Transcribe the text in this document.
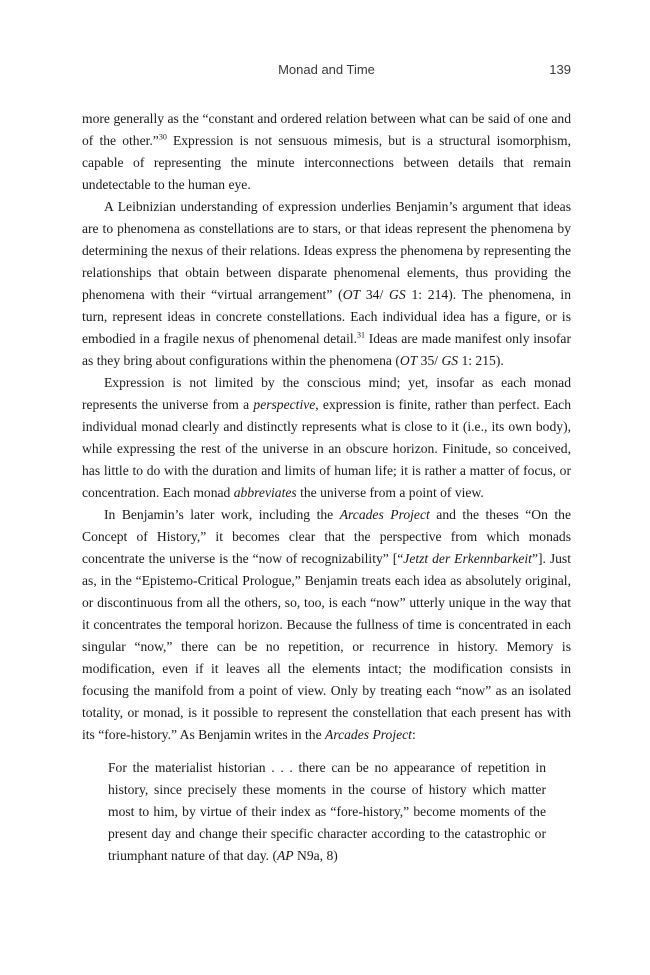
Monad and Time	139

more generally as the “constant and ordered relation between what can be said of one and of the other.”$^{30}$ Expression is not sensuous mimesis, but is a structural isomorphism, capable of representing the minute interconnections between details that remain undetectable to the human eye.

A Leibnizian understanding of expression underlies Benjamin’s argument that ideas are to phenomena as constellations are to stars, or that ideas represent the phenomena by determining the nexus of their relations. Ideas express the phenomena by representing the relationships that obtain between disparate phenomenal elements, thus providing the phenomena with their “virtual arrangement” (OT 34/ GS 1: 214). The phenomena, in turn, represent ideas in concrete constellations. Each individual idea has a figure, or is embodied in a fragile nexus of phenomenal detail.$^{31}$ Ideas are made manifest only insofar as they bring about configurations within the phenomena (OT 35/ GS 1: 215).

Expression is not limited by the conscious mind; yet, insofar as each monad represents the universe from a perspective, expression is finite, rather than perfect. Each individual monad clearly and distinctly represents what is close to it (i.e., its own body), while expressing the rest of the universe in an obscure horizon. Finitude, so conceived, has little to do with the duration and limits of human life; it is rather a matter of focus, or concentration. Each monad abbreviates the universe from a point of view.

In Benjamin’s later work, including the Arcades Project and the theses “On the Concept of History,” it becomes clear that the perspective from which monads concentrate the universe is the “now of recognizability” [“Jetzt der Erkennbarkeit”]. Just as, in the “Epistemo-Critical Prologue,” Benjamin treats each idea as absolutely original, or discontinuous from all the others, so, too, is each “now” utterly unique in the way that it concentrates the temporal horizon. Because the fullness of time is concentrated in each singular “now,” there can be no repetition, or recurrence in history. Memory is modification, even if it leaves all the elements intact; the modification consists in focusing the manifold from a point of view. Only by treating each “now” as an isolated totality, or monad, is it possible to represent the constellation that each present has with its “fore-history.” As Benjamin writes in the Arcades Project:

For the materialist historian . . . there can be no appearance of repetition in history, since precisely these moments in the course of history which matter most to him, by virtue of their index as “fore-history,” become moments of the present day and change their specific character according to the catastrophic or triumphant nature of that day. (AP N9a, 8)
